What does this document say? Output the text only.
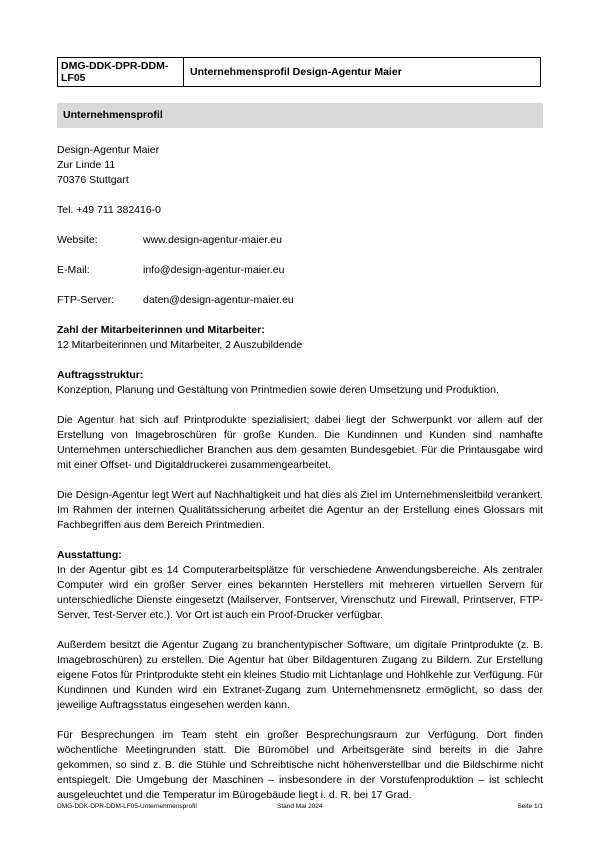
DMG-DDK-DPR-DDM-LF05	Unternehmensprofil Design-Agentur Maier
Unternehmensprofil

Design-Agentur Maier

Zur Linde 11

70376 Stuttgart

Tel. +49 711 382416-0

Website:	www.design-agentur-maier.eu
E-Mail:	info@design-agentur-maier.eu
FTP-Server:	daten@design-agentur-maier.eu

Zahl der Mitarbeiterinnen und Mitarbeiter:

12 Mitarbeiterinnen und Mitarbeiter, 2 Auszubildende

Auftragsstruktur:

Konzeption, Planung und Gestaltung von Printmedien sowie deren Umsetzung und Produktion.

Die Agentur hat sich auf Printprodukte spezialisiert; dabei liegt der Schwerpunkt vor allem auf der Erstellung von Imagebroschüren für große Kunden. Die Kundinnen und Kunden sind namhafte Unternehmen unterschiedlicher Branchen aus dem gesamten Bundesgebiet. Für die Printausgabe wird mit einer Offset- und Digitaldruckerei zusammengearbeitet.

Die Design-Agentur legt Wert auf Nachhaltigkeit und hat dies als Ziel im Unternehmensleitbild verankert. Im Rahmen der internen Qualitätssicherung arbeitet die Agentur an der Erstellung eines Glossars mit Fachbegriffen aus dem Bereich Printmedien.

Ausstattung:

In der Agentur gibt es 14 Computerarbeitsplätze für verschiedene Anwendungsbereiche. Als zentraler Computer wird ein großer Server eines bekannten Herstellers mit mehreren virtuellen Servern für unterschiedliche Dienste eingesetzt (Mailserver, Fontserver, Virenschutz und Firewall, Printserver, FTP-Server, Test-Server etc.). Vor Ort ist auch ein Proof-Drucker verfügbar.

Außerdem besitzt die Agentur Zugang zu branchentypischer Software, um digitale Printprodukte (z. B. Imagebroschüren) zu erstellen. Die Agentur hat über Bildagenturen Zugang zu Bildern. Zur Erstellung eigene Fotos für Printprodukte steht ein kleines Studio mit Lichtanlage und Hohlkehle zur Verfügung. Für Kundinnen und Kunden wird ein Extranet-Zugang zum Unternehmensnetz ermöglicht, so dass der jeweilige Auftragsstatus eingesehen werden kann.

Für Besprechungen im Team steht ein großer Besprechungsraum zur Verfügung. Dort finden wöchentliche Meetingrunden statt. Die Büromöbel und Arbeitsgeräte sind bereits in die Jahre gekommen, so sind z. B. die Stühle und Schreibtische nicht höhenverstellbar und die Bildschirme nicht entspiegelt. Die Umgebung der Maschinen – insbesondere in der Vorstufenproduktion – ist schlecht ausgeleuchtet und die Temperatur im Bürogebäude liegt i. d. R. bei 17 Grad.

DMG-DDK-DPR-DDM-LF05-Unternehmensprofil	Stand Mai 2024	Seite 1/1
